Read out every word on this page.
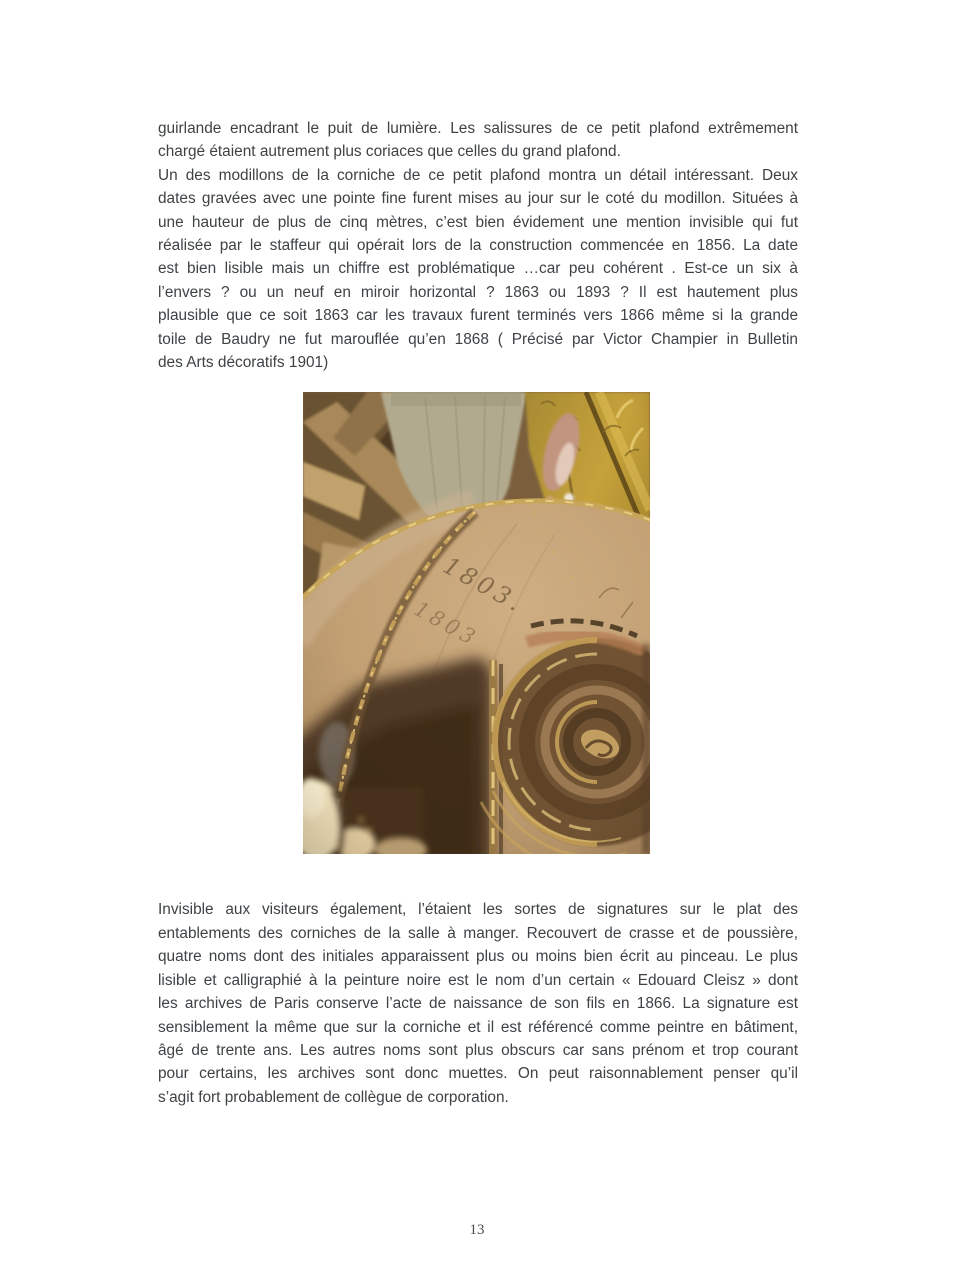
guirlande encadrant le puit de lumière. Les salissures de ce petit plafond extrêmement
chargé étaient autrement plus coriaces que celles du grand plafond.
Un des modillons de la corniche de ce petit plafond montra un détail intéressant. Deux
dates gravées avec une pointe fine furent mises au jour sur le coté du modillon. Situées à
une hauteur de plus de cinq mètres, c’est bien évidement une mention invisible qui fut
réalisée par le staffeur qui opérait lors de la construction commencée en 1856. La date
est bien lisible mais un chiffre est problématique …car peu cohérent . Est-ce un six à
l’envers ? ou un neuf en miroir horizontal ? 1863 ou 1893 ? Il est hautement plus
plausible que ce soit 1863 car les travaux furent terminés vers 1866 même si la grande
toile de Baudry ne fut marouflée qu’en 1868 ( Précisé par Victor Champier in Bulletin
des Arts décoratifs 1901)
Invisible aux visiteurs également, l’étaient les sortes de signatures sur le plat des
entablements des corniches de la salle à manger. Recouvert de crasse et de poussière,
quatre noms dont des initiales apparaissent plus ou moins bien écrit au pinceau. Le plus
lisible et calligraphié à la peinture noire est le nom d’un certain « Edouard Cleisz » dont
les archives de Paris conserve l’acte de naissance de son fils en 1866. La signature est
sensiblement la même que sur la corniche et il est référencé comme peintre en bâtiment,
âgé de trente ans. Les autres noms sont plus obscurs car sans prénom et trop courant
pour certains, les archives sont donc muettes. On peut raisonnablement penser qu’il
s’agit fort probablement de collègue de corporation.
13
